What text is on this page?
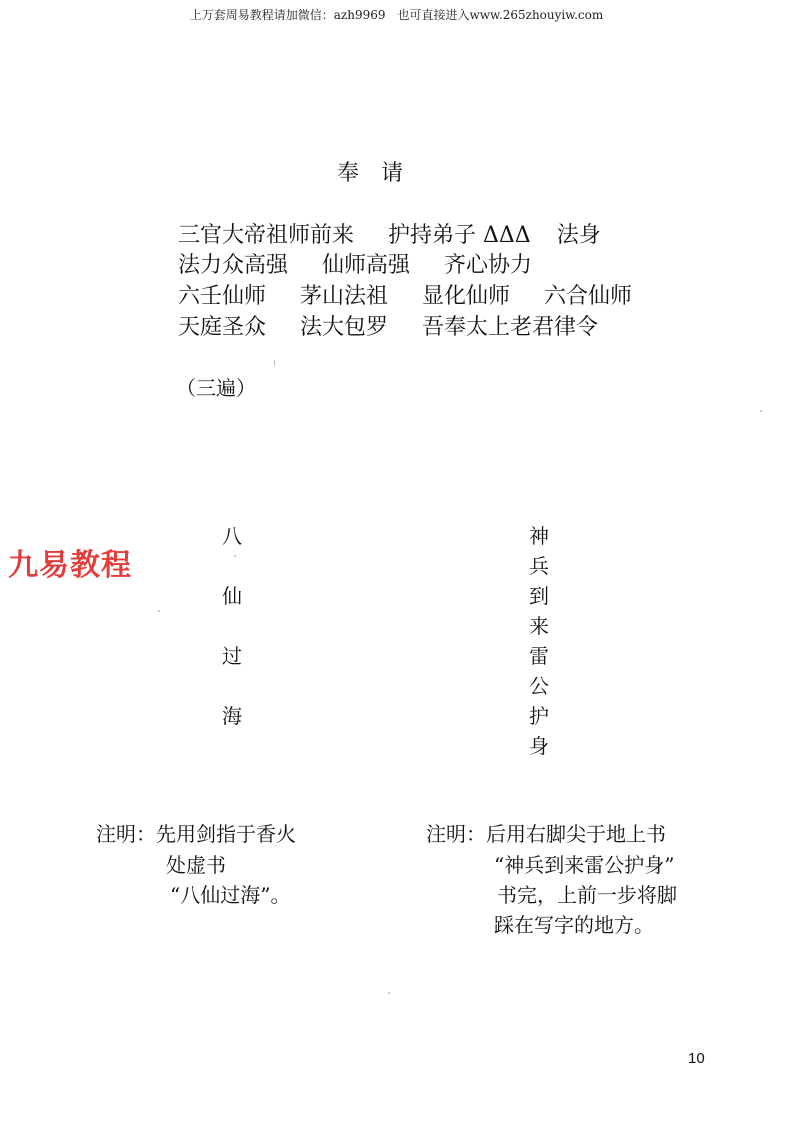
上万套周易教程请加微信：azh9969　也可直接进入www.265zhouyiw.com
奉请
三官大帝祖师前来 护持弟子 ΔΔΔ 法身
法力众高强 仙师高强 齐心协力
六壬仙师 茅山法祖 显化仙师 六合仙师
天庭圣众 法大包罗 吾奉太上老君律令
（三遍）
九易教程
八
仙
过
海
神
兵
到
来
雷
公
护
身
注明：先用剑指于香火
处虚书
“八仙过海”。
注明：后用右脚尖于地上书
“神兵到来雷公护身”
书完，上前一步将脚
踩在写字的地方。
10
